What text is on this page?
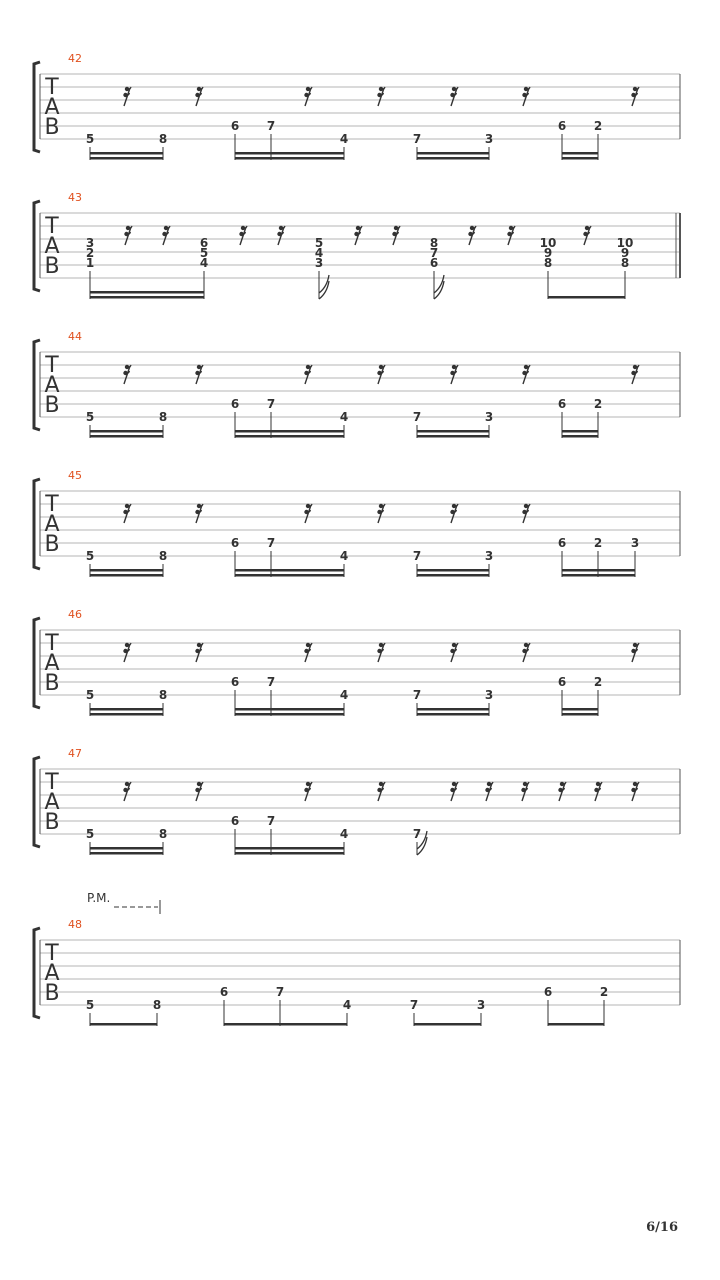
T
A
B
42
5	8
6 7
4	7	3
6 2
T
A
B
43
3
2
1
6
5
4
5
4
3
8
7
6
10
9
8
10
9
8
T
A
B
44
5	8
6 7
4	7	3
6 2
T
A
B
45
5	8
6 7
4	7	3
6 2 3
T
A
B
46
5	8
6 7
4	7	3
6 2
T
A
B
47
5	8
6 7
4	7
T
A
B
48
5	8
6	7
4	7	3
6	2
P.M.
6/16
